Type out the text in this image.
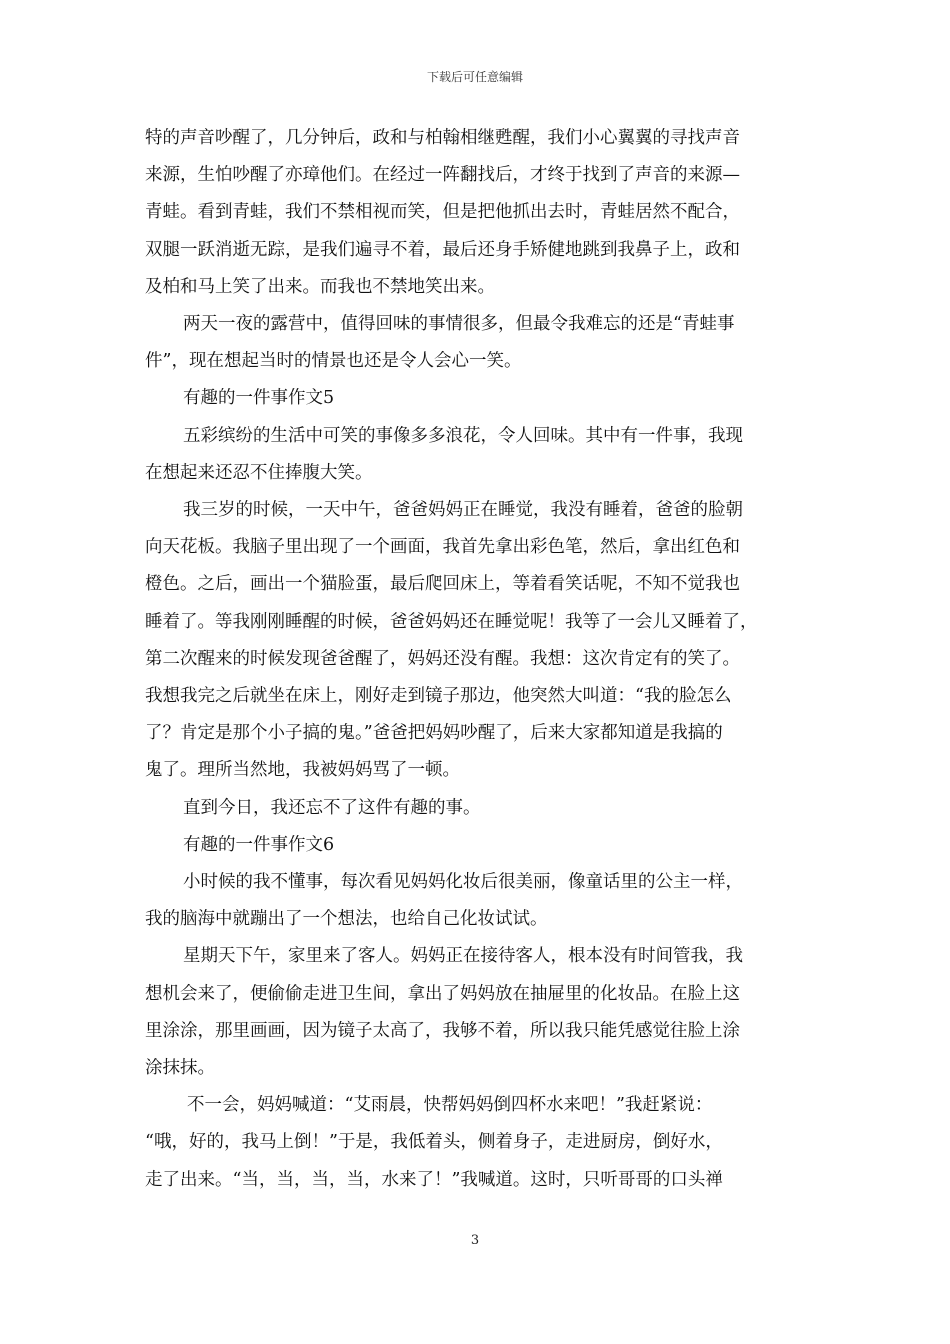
下载后可任意编辑

特的声音吵醒了，几分钟后，政和与柏翰相继甦醒，我们小心翼翼的寻找声音

来源，生怕吵醒了亦璋他们。在经过一阵翻找后，才终于找到了声音的来源—

青蛙。看到青蛙，我们不禁相视而笑，但是把他抓出去时，青蛙居然不配合，

双腿一跃消逝无踪，是我们遍寻不着，最后还身手矫健地跳到我鼻子上，政和

及柏和马上笑了出来。而我也不禁地笑出来。

两天一夜的露营中，值得回味的事情很多，但最令我难忘的还是“青蛙事

件”，现在想起当时的情景也还是令人会心一笑。

有趣的一件事作文5

五彩缤纷的生活中可笑的事像多多浪花，令人回味。其中有一件事，我现

在想起来还忍不住捧腹大笑。

我三岁的时候，一天中午，爸爸妈妈正在睡觉，我没有睡着，爸爸的脸朝

向天花板。我脑子里出现了一个画面，我首先拿出彩色笔，然后，拿出红色和

橙色。之后，画出一个猫脸蛋，最后爬回床上，等着看笑话呢，不知不觉我也

睡着了。等我刚刚睡醒的时候，爸爸妈妈还在睡觉呢！我等了一会儿又睡着了，

第二次醒来的时候发现爸爸醒了，妈妈还没有醒。我想：这次肯定有的笑了。

我想我完之后就坐在床上，刚好走到镜子那边，他突然大叫道：“我的脸怎么

了？肯定是那个小子搞的鬼。”爸爸把妈妈吵醒了，后来大家都知道是我搞的

鬼了。理所当然地，我被妈妈骂了一顿。

直到今日，我还忘不了这件有趣的事。

有趣的一件事作文6

小时候的我不懂事，每次看见妈妈化妆后很美丽，像童话里的公主一样，

我的脑海中就蹦出了一个想法，也给自己化妆试试。

星期天下午，家里来了客人。妈妈正在接待客人，根本没有时间管我，我

想机会来了，便偷偷走进卫生间，拿出了妈妈放在抽屉里的化妆品。在脸上这

里涂涂，那里画画，因为镜子太高了，我够不着，所以我只能凭感觉往脸上涂

涂抹抹。

不一会，妈妈喊道：“艾雨晨，快帮妈妈倒四杯水来吧！”我赶紧说：

“哦，好的，我马上倒！”于是，我低着头，侧着身子，走进厨房，倒好水，

走了出来。“当，当，当，当，水来了！”我喊道。这时，只听哥哥的口头禅

3
